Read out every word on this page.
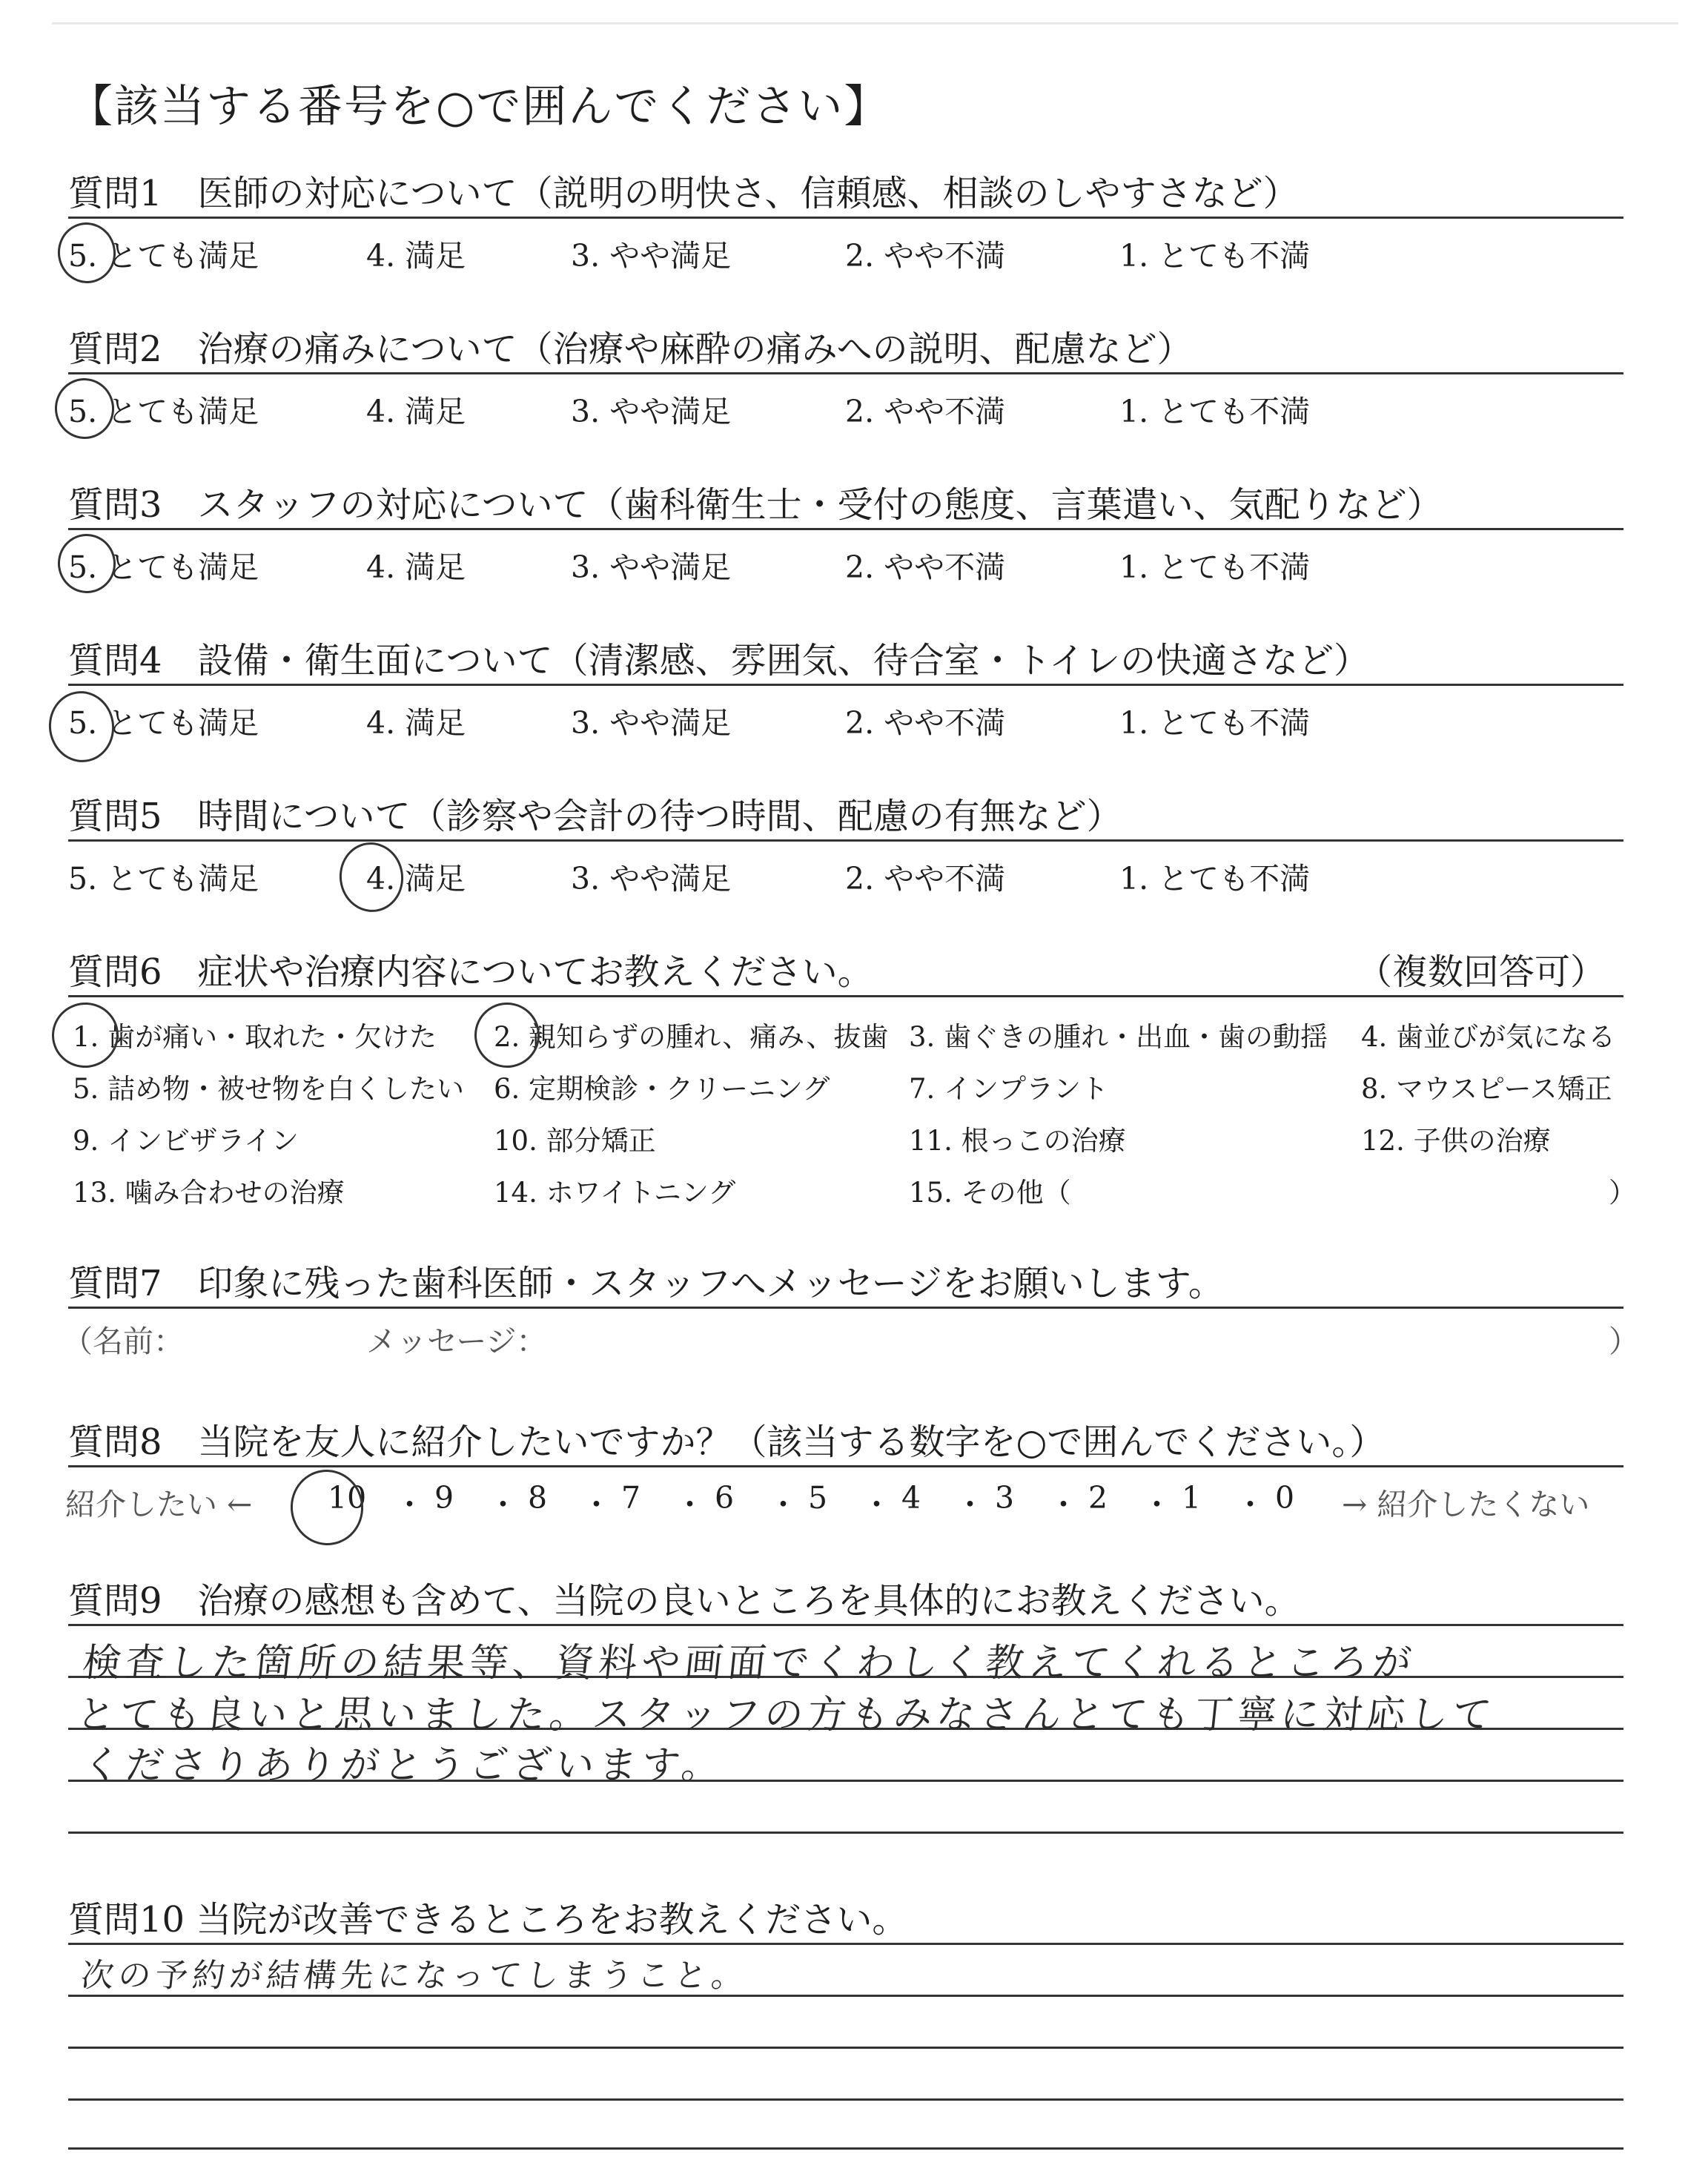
【該当する番号を○で囲んでください】
質問1　医師の対応について（説明の明快さ、信頼感、相談のしやすさなど）
5. とても満足	4. 満足	3. やや満足	2. やや不満	1. とても不満
質問2　治療の痛みについて（治療や麻酔の痛みへの説明、配慮など）
5. とても満足	4. 満足	3. やや満足	2. やや不満	1. とても不満
質問3　スタッフの対応について（歯科衛生士・受付の態度、言葉遣い、気配りなど）
5. とても満足	4. 満足	3. やや満足	2. やや不満	1. とても不満
質問4　設備・衛生面について（清潔感、雰囲気、待合室・トイレの快適さなど）
5. とても満足	4. 満足	3. やや満足	2. やや不満	1. とても不満
質問5　時間について（診察や会計の待つ時間、配慮の有無など）
5. とても満足	4. 満足	3. やや満足	2. やや不満	1. とても不満
質問6　症状や治療内容についてお教えください。	（複数回答可）
1. 歯が痛い・取れた・欠けた 2. 親知らずの腫れ、痛み、抜歯 3. 歯ぐきの腫れ・出血・歯の動揺 4. 歯並びが気になる
5. 詰め物・被せ物を白くしたい 6. 定期検診・クリーニング	7. インプラント	8. マウスピース矯正
9. インビザライン	10. 部分矯正	11. 根っこの治療	12. 子供の治療
13. 噛み合わせの治療	14. ホワイトニング	15. その他（	）
質問7　印象に残った歯科医師・スタッフへメッセージをお願いします。
（名前：	メッセージ：	）
質問8　当院を友人に紹介したいですか？（該当する数字を○で囲んでください。）
紹介したい ←	→ 紹介したくない
10 ・ 9 ・ 8 ・ 7 ・ 6 ・ 5 ・ 4 ・ 3 ・ 2 ・ 1 ・ 0
質問9　治療の感想も含めて、当院の良いところを具体的にお教えください。
検査した箇所の結果等、資料や画面でくわしく教えてくれるところが
とても良いと思いました。スタッフの方もみなさんとても丁寧に対応して
くださりありがとうございます。
質問10 当院が改善できるところをお教えください。
次の予約が結構先になってしまうこと。
